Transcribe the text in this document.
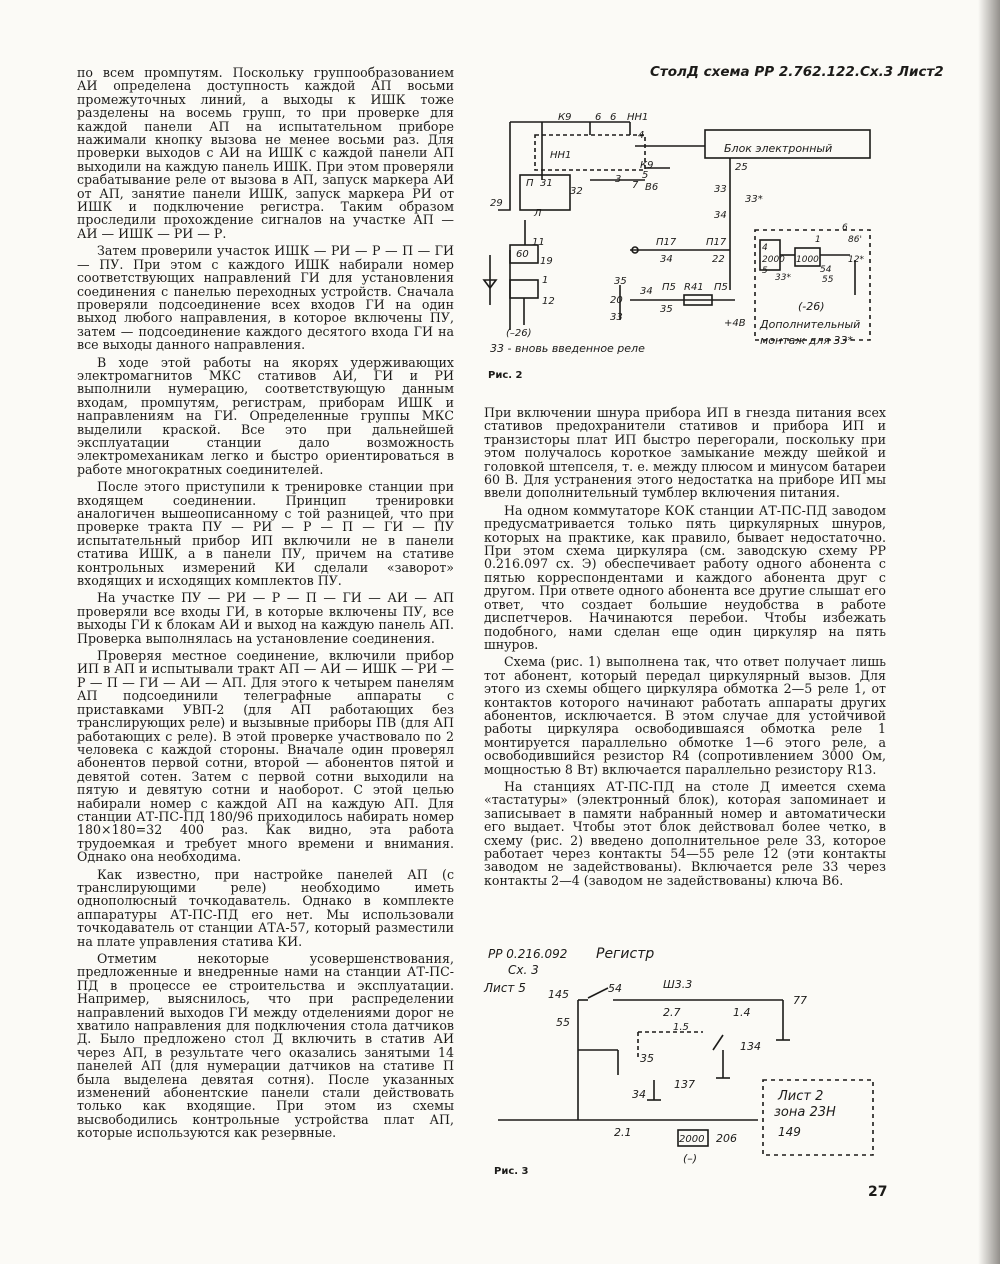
по всем промпутям. Поскольку группообразованием АИ определена доступность каждой АП восьми промежуточных линий, а выходы к ИШК тоже разделены на восемь групп, то при проверке для каждой панели АП на испытательном приборе нажимали кнопку вызова не менее восьми раз. Для проверки выходов с АИ на ИШК с каждой панели АП выходили на каждую панель ИШК. При этом проверяли срабатывание реле от вызова в АП, запуск маркера АИ от АП, занятие панели ИШК, запуск маркера РИ от ИШК и подключение регистра. Таким образом проследили прохождение сигналов на участке АП — АИ — ИШК — РИ — Р.

Затем проверили участок ИШК — РИ — Р — П — ГИ — ПУ. При этом с каждого ИШК набирали номер соответствующих направлений ГИ для установления соединения с панелью переходных устройств. Сначала проверяли подсоединение всех входов ГИ на один выход любого направления, в которое включены ПУ, затем — подсоединение каждого десятого входа ГИ на все выходы данного направления.

В ходе этой работы на якорях удерживающих электромагнитов МКС стативов АИ, ГИ и РИ выполнили нумерацию, соответствующую данным входам, промпутям, регистрам, приборам ИШК и направлениям на ГИ. Определенные группы МКС выделили краской. Все это при дальнейшей эксплуатации станции дало возможность электромеханикам легко и быстро ориентироваться в работе многократных соединителей.

После этого приступили к тренировке станции при входящем соединении. Принцип тренировки аналогичен вышеописанному с той разницей, что при проверке тракта ПУ — РИ — Р — П — ГИ — ПУ испытательный прибор ИП включили не в панели статива ИШК, а в панели ПУ, причем на стативе контрольных измерений КИ сделали «заворот» входящих и исходящих комплектов ПУ.

На участке ПУ — РИ — Р — П — ГИ — АИ — АП проверяли все входы ГИ, в которые включены ПУ, все выходы ГИ к блокам АИ и выход на каждую панель АП. Проверка выполнялась на установление соединения.

Проверяя местное соединение, включили прибор ИП в АП и испытывали тракт АП — АИ — ИШК — РИ — Р — П — ГИ — АИ — АП. Для этого к четырем панелям АП подсоединили телеграфные аппараты с приставками УВП-2 (для АП работающих без транслирующих реле) и вызывные приборы ПВ (для АП работающих с реле). В этой проверке участвовало по 2 человека с каждой стороны. Вначале один проверял абонентов первой сотни, второй — абонентов пятой и девятой сотен. Затем с первой сотни выходили на пятую и девятую сотни и наоборот. С этой целью набирали номер с каждой АП на каждую АП. Для станции АТ-ПС-ПД 180/96 приходилось набирать номер 180×180=32 400 раз. Как видно, эта работа трудоемкая и требует много времени и внимания. Однако она необходима.

Как известно, при настройке панелей АП (с транслирующими реле) необходимо иметь однополюсный точкодаватель. Однако в комплекте аппаратуры АТ-ПС-ПД его нет. Мы использовали точкодаватель от станции АТА-57, который разместили на плате управления статива КИ.

Отметим некоторые усовершенствования, предложенные и внедренные нами на станции АТ-ПС-ПД в процессе ее строительства и эксплуатации. Например, выяснилось, что при распределении направлений выходов ГИ между отделениями дорог не хватило направления для подключения стола датчиков Д. Было предложено стол Д включить в статив АИ через АП, в результате чего оказались занятыми 14 панелей АП (для нумерации датчиков на стативе П была выделена девятая сотня). После указанных изменений абонентские панели стали действовать только как входящие. При этом из схемы высвободились контрольные устройства плат АП, которые используются как резервные.

СтолД схема РР 2.762.122.Сх.3 Лист2
К9 6 6 НН1
4
НН1
К9
5
В6
3
7
П 31
32
29
Л
Блок электронный
25
33
33*
34
П17	П17
34	22
11
60
19
1
12
35
20
33
34 П5 R41 П5
35
+4В
(–26)
33 - вновь введенное реле
4
2000
5
1000
33*
1
54
55
86'
12*
6
(-26)
Дополнительный
монтаж для 33*
Рис. 2

При включении шнура прибора ИП в гнезда питания всех стативов предохранители стативов и прибора ИП и транзисторы плат ИП быстро перегорали, поскольку при этом получалось короткое замыкание между шейкой и головкой штепселя, т. е. между плюсом и минусом батареи 60 В. Для устранения этого недостатка на приборе ИП мы ввели дополнительный тумблер включения питания.

На одном коммутаторе КОК станции АТ-ПС-ПД заводом предусматривается только пять циркулярных шнуров, которых на практике, как правило, бывает недостаточно. При этом схема циркуляра (см. заводскую схему РР 0.216.097 сх. Э) обеспечивает работу одного абонента с пятью корреспондентами и каждого абонента друг с другом. При ответе одного абонента все другие слышат его ответ, что создает большие неудобства в работе диспетчеров. Начинаются перебои. Чтобы избежать подобного, нами сделан еще один циркуляр на пять шнуров.

Схема (рис. 1) выполнена так, что ответ получает лишь тот абонент, который передал циркулярный вызов. Для этого из схемы общего циркуляра обмотка 2—5 реле 1, от контактов которого начинают работать аппараты других абонентов, исключается. В этом случае для устойчивой работы циркуляра освободившаяся обмотка реле 1 монтируется параллельно обмотке 1—6 этого реле, а освободившийся резистор R4 (сопротивлением 3000 Ом, мощностью 8 Вт) включается параллельно резистору R13.

На станциях АТ-ПС-ПД на столе Д имеется схема «тастатуры» (электронный блок), которая запоминает и записывает в памяти набранный номер и автоматически его выдает. Чтобы этот блок действовал более четко, в схему (рис. 2) введено дополнительное реле 33, которое работает через контакты 54—55 реле 12 (эти контакты заводом не задействованы). Включается реле 33 через контакты 2—4 (заводом не задействованы) ключа В6.

РР 0.216.092
Сх. 3
Лист 5
Регистр
145	54	Ш3.3
77
55
2.7
1.5
1.4
35
134
137
34
2.1
2000 206
(–)
Лист 2
зона 23Н
149
Рис. 3
27
